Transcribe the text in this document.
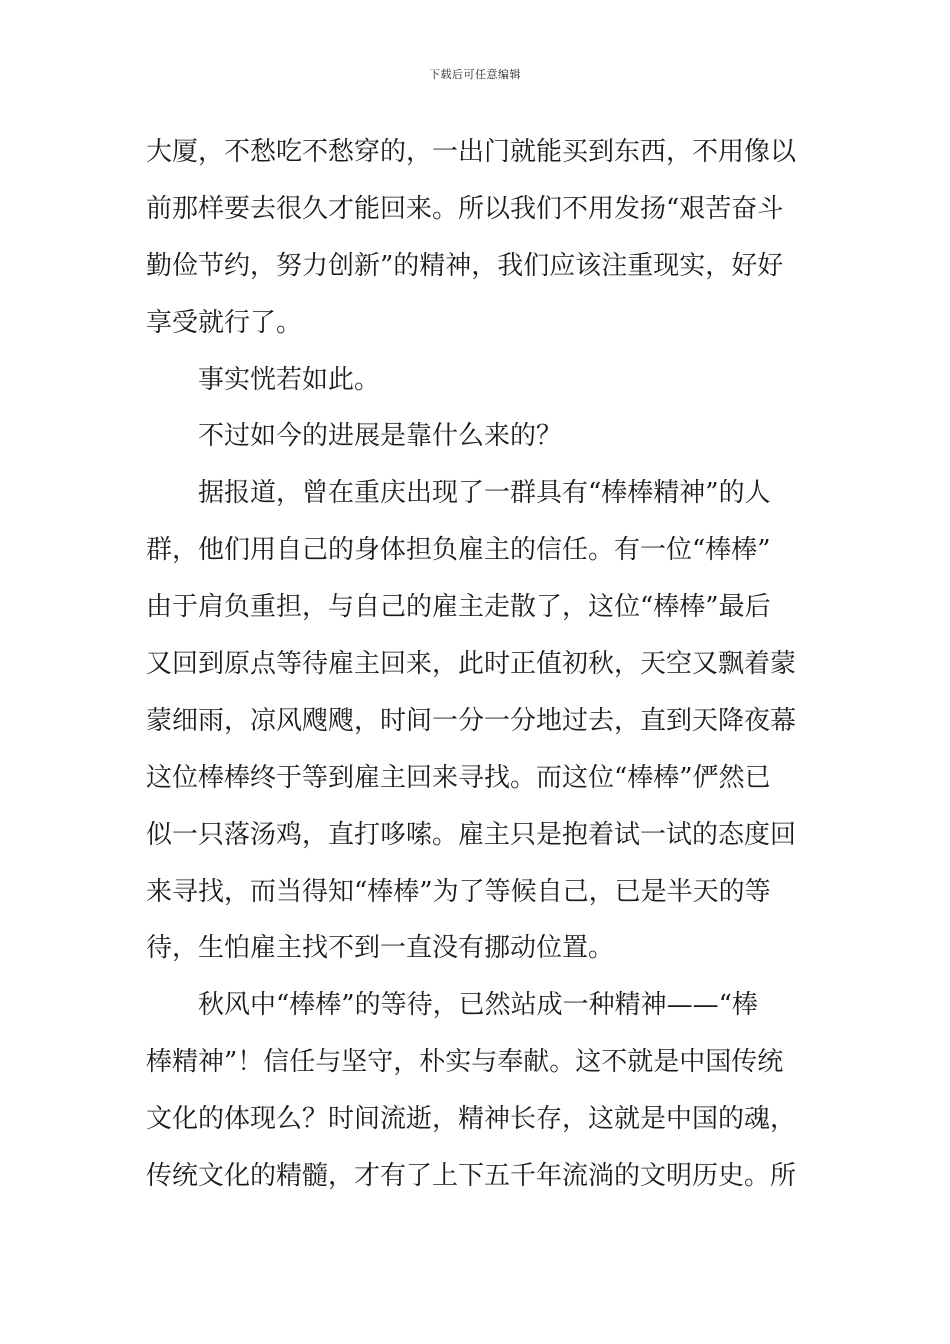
下载后可任意编辑
大厦，不愁吃不愁穿的，一出门就能买到东西，不用像以
前那样要去很久才能回来。所以我们不用发扬“艰苦奋斗
勤俭节约，努力创新”的精神，我们应该注重现实，好好
享受就行了。
事实恍若如此。
不过如今的进展是靠什么来的？
据报道，曾在重庆出现了一群具有“棒棒精神”的人
群，他们用自己的身体担负雇主的信任。有一位“棒棒”
由于肩负重担，与自己的雇主走散了，这位“棒棒”最后
又回到原点等待雇主回来，此时正值初秋，天空又飘着蒙
蒙细雨，凉风飕飕，时间一分一分地过去，直到天降夜幕
这位棒棒终于等到雇主回来寻找。而这位“棒棒”俨然已
似一只落汤鸡，直打哆嗦。雇主只是抱着试一试的态度回
来寻找，而当得知“棒棒”为了等候自己，已是半天的等
待，生怕雇主找不到一直没有挪动位置。
秋风中“棒棒”的等待，已然站成一种精神——“棒
棒精神”！信任与坚守，朴实与奉献。这不就是中国传统
文化的体现么？时间流逝，精神长存，这就是中国的魂，
传统文化的精髓，才有了上下五千年流淌的文明历史。所
